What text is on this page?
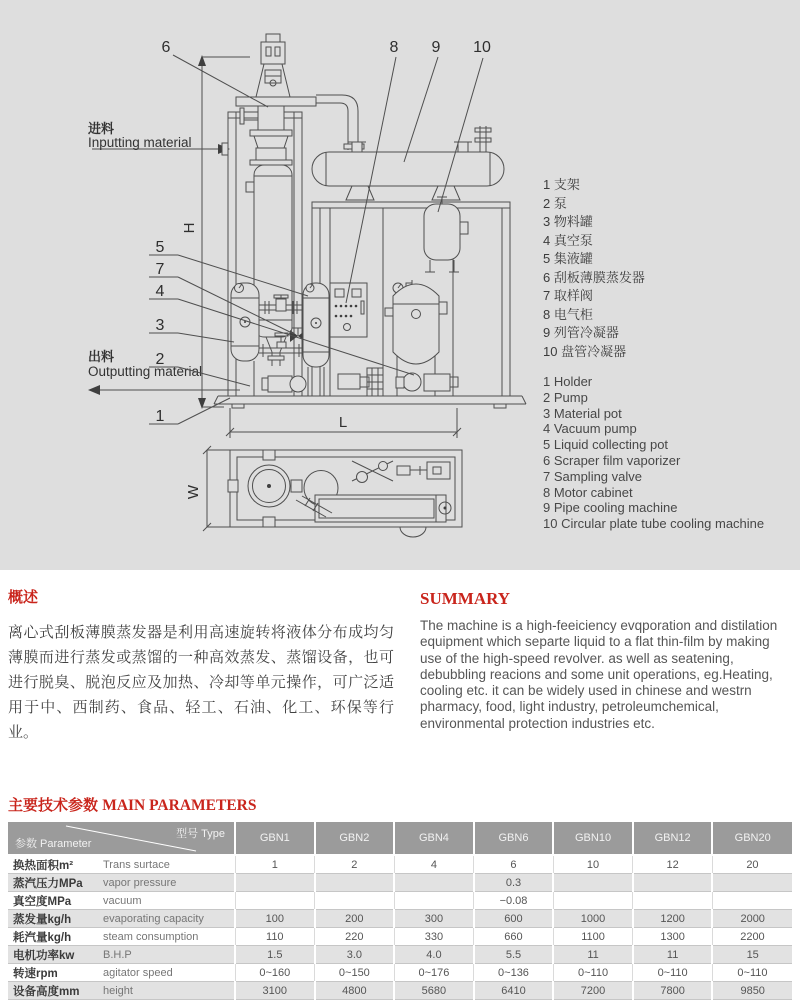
进料
Inputting material
出料
Outputting material
H
L
W
6	8 9 10
5
7
4
3
2
1
1 支架
2 泵
3 物料罐
4 真空泵
5 集液罐
6 刮板薄膜蒸发器
7 取样阀
8 电气柜
9 列管冷凝器
10 盘管冷凝器
1 Holder
2 Pump
3 Material pot
4 Vacuum pump
5 Liquid collecting pot
6 Scraper film vaporizer
7 Sampling valve
8 Motor cabinet
9 Pipe cooling machine
10 Circular plate tube cooling machine
概述

离心式刮板薄膜蒸发器是利用高速旋转将液体分布成均匀薄膜而进行蒸发或蒸馏的一种高效蒸发、蒸馏设备，也可进行脱臭、脱泡反应及加热、冷却等单元操作，可广泛适用于中、西制药、食品、轻工、石油、化工、环保等行业。

SUMMARY

The machine is a high-feeiciency evqporation and distilation equipment which separte liquid to a flat thin-film by making use of the high-speed revolver. as well as seatening, debubbling reacions and some unit operations, eg.Heating, cooling etc. it can be widely used in chinese and westrn pharmacy, food, light industry, petroleumchemical, environmental protection industries etc.

主要技术参数 MAIN PARAMETERS
型号 Type
参数 Parameter	GBN1	GBN2	GBN4	GBN6	GBN10	GBN12	GBN20

换热面积m² Trans surtace	1	2	4	6	10	12	20

蒸汽压力MPa vapor pressure				0.3			

真空度MPa vacuum				−0.08			

蒸发量kg/h evaporating capacity	100	200	300	600	1000	1200	2000

耗汽量kg/h steam consumption	110	220	330	660	1100	1300	2200

电机功率kw B.H.P	1.5	3.0	4.0	5.5	11	11	15

转速rpm agitator speed	0~160	0~150	0~176	0~136	0~110	0~110	0~110

设备高度mm height	3100	4800	5680	6410	7200	7800	9850
